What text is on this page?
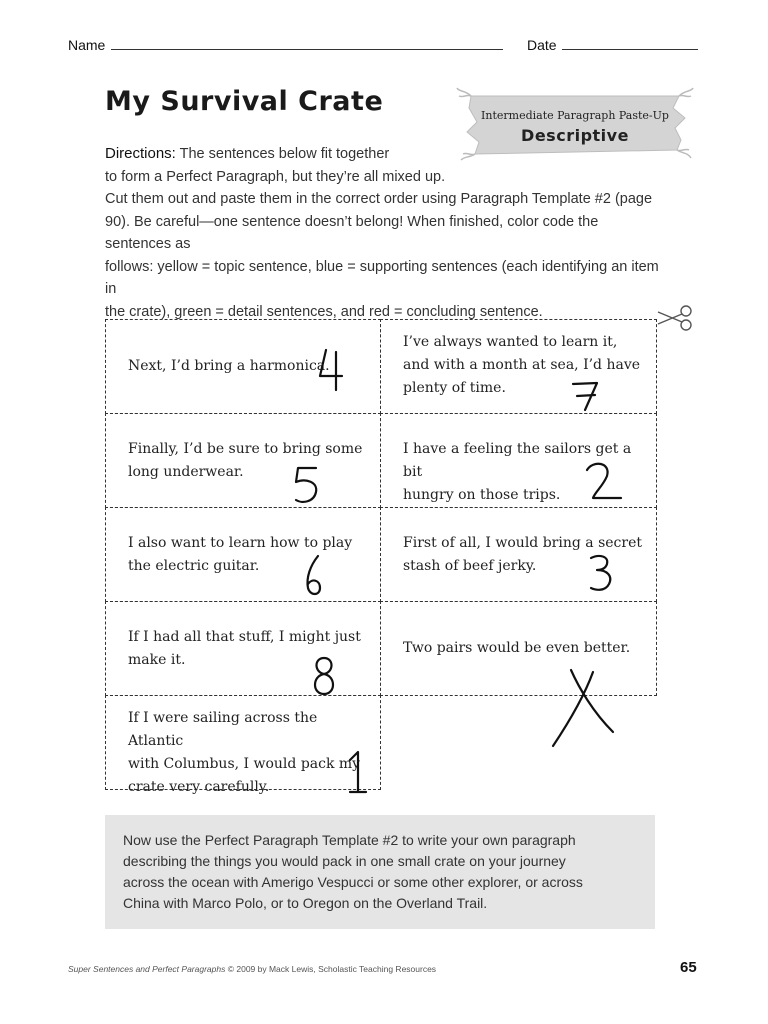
Name	Date
My Survival Crate	Intermediate Paragraph Paste-Up
Descriptive
Directions: The sentences below fit together
to form a Perfect Paragraph, but they’re all mixed up.
Cut them out and paste them in the correct order using Paragraph Template #2 (page
90). Be careful—one sentence doesn’t belong! When finished, color code the sentences as
follows: yellow = topic sentence, blue = supporting sentences (each identifying an item in
the crate), green = detail sentences, and red = concluding sentence.
Next, I’d bring a harmonica.
I’ve always wanted to learn it,
and with a month at sea, I’d have
plenty of time.
Finally, I’d be sure to bring some
long underwear.
I have a feeling the sailors get a bit
hungry on those trips.
I also want to learn how to play
the electric guitar.
First of all, I would bring a secret
stash of beef jerky.
If I had all that stuff, I might just
make it.
Two pairs would be even better.
If I were sailing across the Atlantic
with Columbus, I would pack my
crate very carefully.
Now use the Perfect Paragraph Template #2 to write your own paragraph
describing the things you would pack in one small crate on your journey
across the ocean with Amerigo Vespucci or some other explorer, or across
China with Marco Polo, or to Oregon on the Overland Trail.
Super Sentences and Perfect Paragraphs © 2009 by Mack Lewis, Scholastic Teaching Resources	65
